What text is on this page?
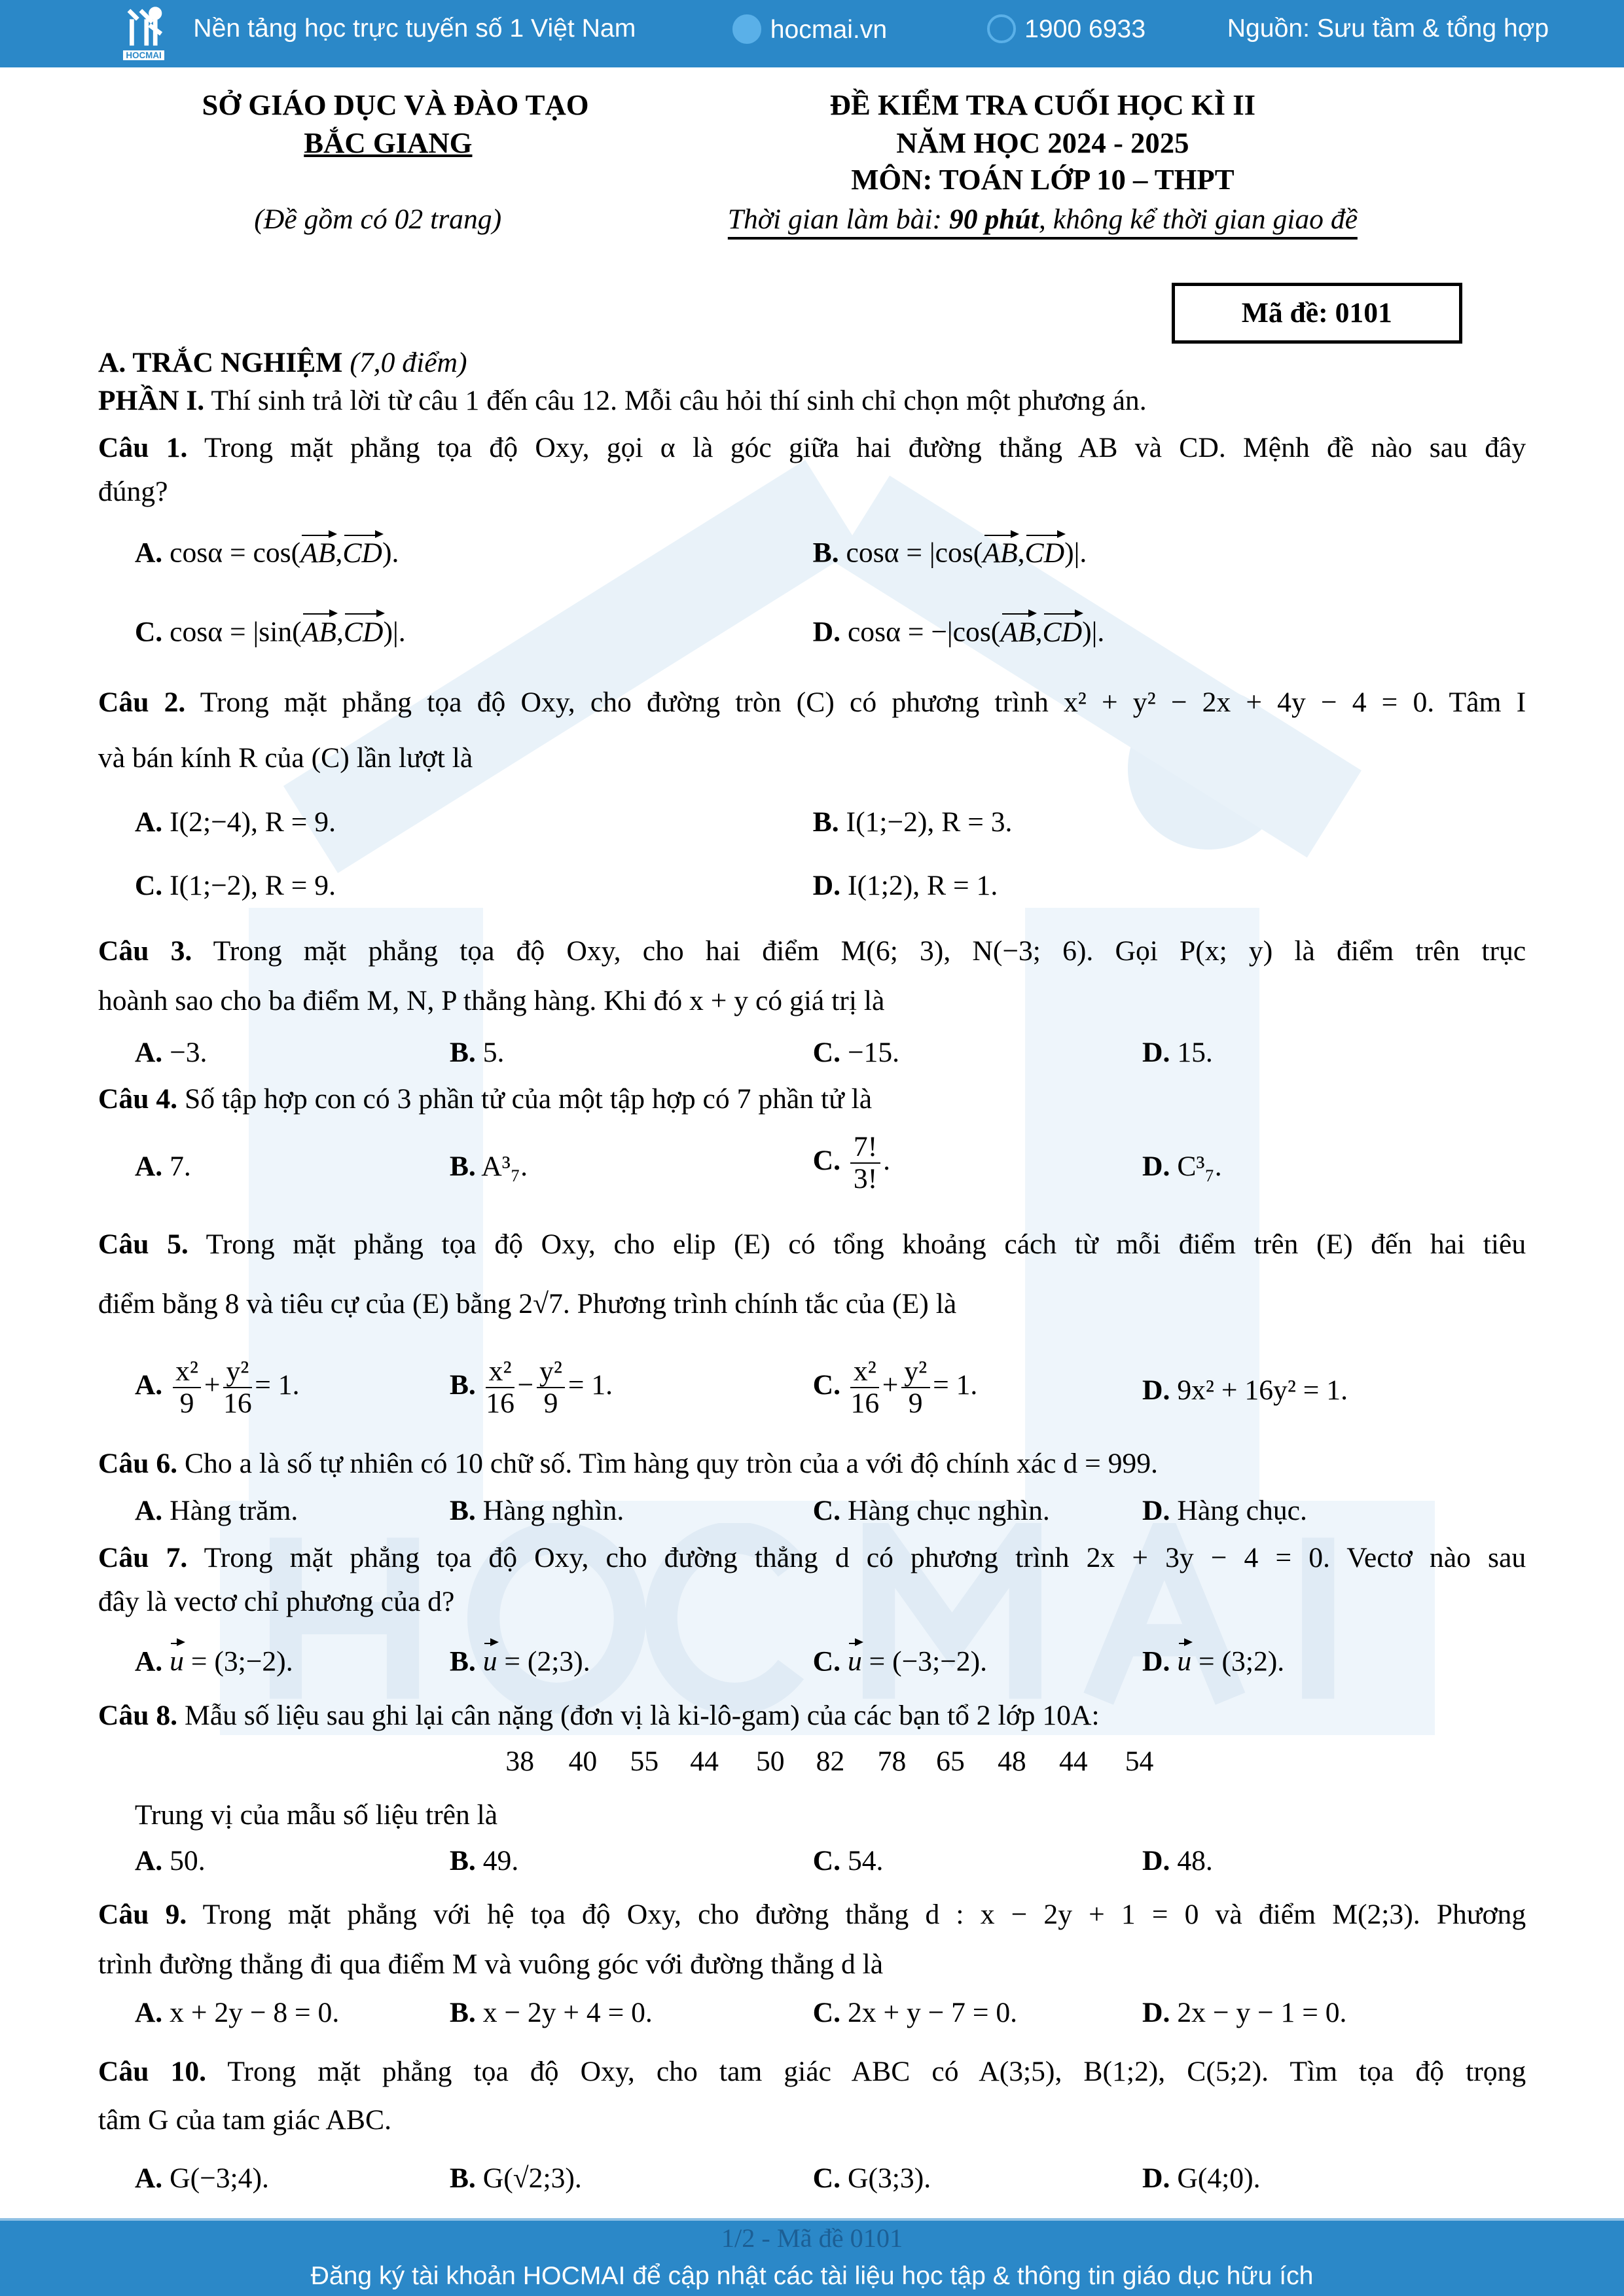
HOCMAI
Nền tảng học trực tuyến số 1 Việt Nam	hocmai.vn	1900 6933	Nguồn: Sưu tầm & tổng hợp
SỞ GIÁO DỤC VÀ ĐÀO TẠO
BẮC GIANG
(Đề gồm có 02 trang)
ĐỀ KIỂM TRA CUỐI HỌC KÌ II
NĂM HỌC 2024 - 2025
MÔN: TOÁN LỚP 10 – THPT
Thời gian làm bài: 90 phút, không kể thời gian giao đề
Mã đề: 0101
A. TRẮC NGHIỆM (7,0 điểm)
PHẦN I. Thí sinh trả lời từ câu 1 đến câu 12. Mỗi câu hỏi thí sinh chỉ chọn một phương án.
Câu 1. Trong mặt phẳng tọa độ Oxy, gọi α là góc giữa hai đường thẳng AB và CD. Mệnh đề nào sau đây
đúng?
A. cosα = cos(AB,CD).	B. cosα = |cos(AB,CD)|.
C. cosα = |sin(AB,CD)|.	D. cosα = −|cos(AB,CD)|.
Câu 2. Trong mặt phẳng tọa độ Oxy, cho đường tròn (C) có phương trình x² + y² − 2x + 4y − 4 = 0. Tâm I
và bán kính R của (C) lần lượt là
A. I(2;−4), R = 9.	B. I(1;−2), R = 3.
C. I(1;−2), R = 9.	D. I(1;2), R = 1.
Câu 3. Trong mặt phẳng tọa độ Oxy, cho hai điểm M(6; 3), N(−3; 6). Gọi P(x; y) là điểm trên trục
hoành sao cho ba điểm M, N, P thẳng hàng. Khi đó x + y có giá trị là
A. −3.	B. 5.	C. −15.	D. 15.
Câu 4. Số tập hợp con có 3 phần tử của một tập hợp có 7 phần tử là
A. 7.	B. A³₇.	C. $\frac{7!}{3!}$ .	D. C³₇.
Câu 5. Trong mặt phẳng tọa độ Oxy, cho elip (E) có tổng khoảng cách từ mỗi điểm trên (E) đến hai tiêu
điểm bằng 8 và tiêu cự của (E) bằng 2√7. Phương trình chính tắc của (E) là
A. $\frac{\text{x²}}{9} + \frac{\text{y²}}{16} = 1$.	B. $\frac{\text{x²}}{16} - \frac{\text{y²}}{9} = 1$.	C. $\frac{\text{x²}}{16} + \frac{\text{y²}}{9} = 1$.	D. 9x² + 16y² = 1.
Câu 6. Cho a là số tự nhiên có 10 chữ số. Tìm hàng quy tròn của a với độ chính xác d = 999.
A. Hàng trăm.	B. Hàng nghìn.	C. Hàng chục nghìn.	D. Hàng chục.
Câu 7. Trong mặt phẳng tọa độ Oxy, cho đường thẳng d có phương trình 2x + 3y − 4 = 0. Vectơ nào sau
đây là vectơ chỉ phương của d?
A. u = (3;−2).	B. u = (2;3).	C. u = (−3;−2).	D. u = (3;2).
Câu 8. Mẫu số liệu sau ghi lại cân nặng (đơn vị là ki-lô-gam) của các bạn tổ 2 lớp 10A:
38	40	55 44	50 82	78 65	48	44	54
Trung vị của mẫu số liệu trên là
A. 50.	B. 49.	C. 54.	D. 48.
Câu 9. Trong mặt phẳng với hệ tọa độ Oxy, cho đường thẳng d : x − 2y + 1 = 0 và điểm M(2;3). Phương
trình đường thẳng đi qua điểm M và vuông góc với đường thẳng d là
A. x + 2y − 8 = 0.	B. x − 2y + 4 = 0.	C. 2x + y − 7 = 0.	D. 2x − y − 1 = 0.
Câu 10. Trong mặt phẳng tọa độ Oxy, cho tam giác ABC có A(3;5), B(1;2), C(5;2). Tìm tọa độ trọng
tâm G của tam giác ABC.
A. G(−3;4).	B. G(√2;3).	C. G(3;3).	D. G(4;0).
1/2 - Mã đề 0101
Đăng ký tài khoản HOCMAI để cập nhật các tài liệu học tập & thông tin giáo dục hữu ích
